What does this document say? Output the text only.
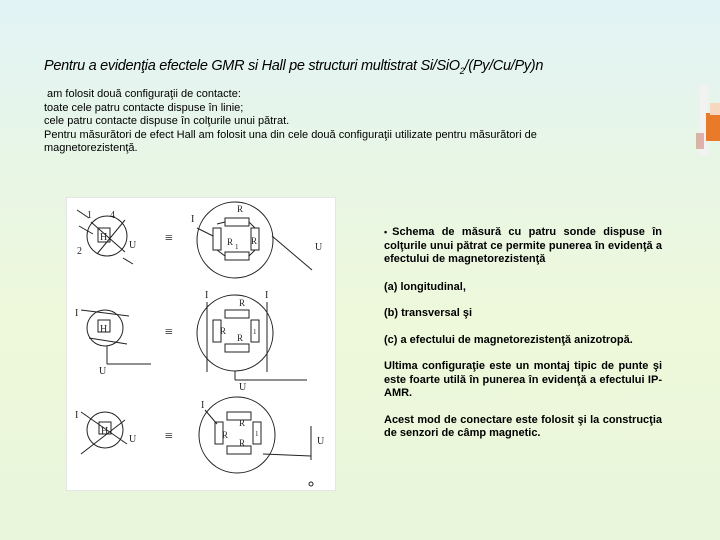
Pentru a evidenţia efectele GMR si Hall pe structuri multistrat Si/SiO$_2$/(Py/Cu/Py)n
am folosit două configuraţii de contacte:
toate cele patru contacte dispuse în linie;
cele patru contacte dispuse în colţurile unui pătrat.
Pentru măsurători de efect Hall am folosit una din cele două configuraţii utilizate pentru măsurători de
magnetorezistenţă.
1 4
2
H
U ≡
I
U
R
R
R 1
I
H
U
≡
I	I
U
R
R
R
1
I
H
U ≡
I
U
R
R
R
1

• Schema de măsură cu patru sonde dispuse în colţurile unui pătrat ce permite punerea în evidenţă a efectului de magnetorezistenţă

(a) longitudinal,

(b) transversal şi

(c) a efectului de magnetorezistenţă anizotropă.

Ultima configuraţie este un montaj tipic de punte şi este foarte utilă în punerea în evidenţă a efectului IP-AMR.

Acest mod de conectare este folosit şi la construcţia de senzori de câmp magnetic.
